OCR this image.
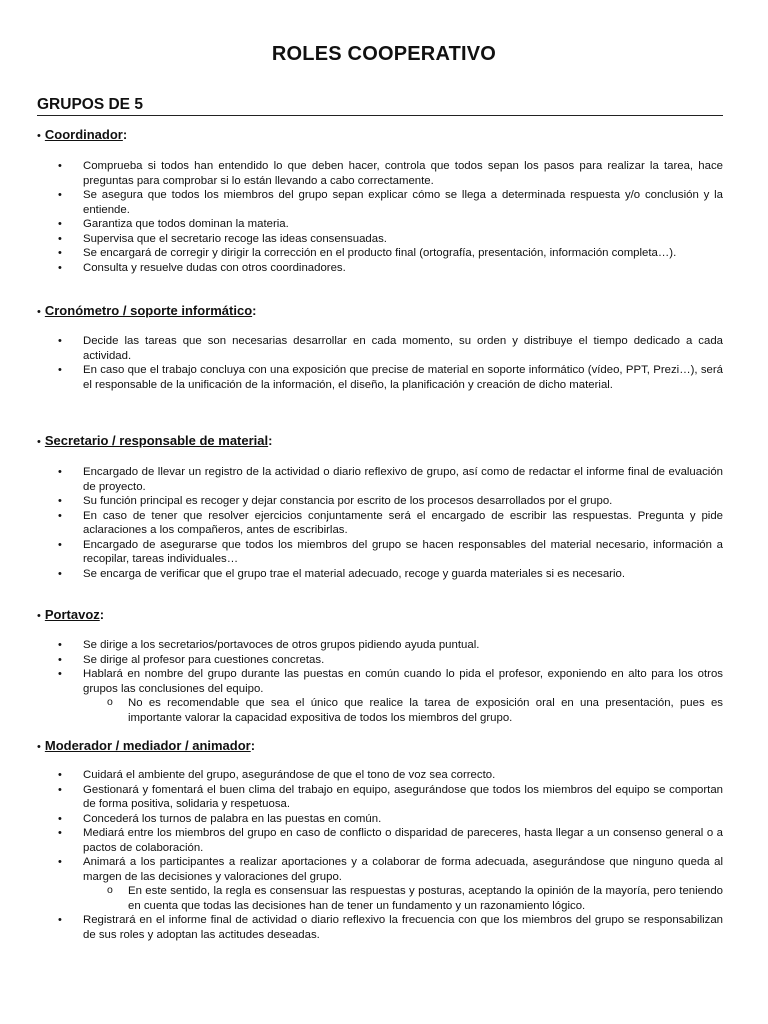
ROLES COOPERATIVO
GRUPOS DE 5
• Coordinador:
• Comprueba si todos han entendido lo que deben hacer, controla que todos sepan los pasos para realizar la tarea, hace preguntas para comprobar si lo están llevando a cabo correctamente.
• Se asegura que todos los miembros del grupo sepan explicar cómo se llega a determinada respuesta y/o conclusión y la entiende.
• Garantiza que todos dominan la materia.
• Supervisa que el secretario recoge las ideas consensuadas.
• Se encargará de corregir y dirigir la corrección en el producto final (ortografía, presentación, información completa…).
• Consulta y resuelve dudas con otros coordinadores.
• Cronómetro / soporte informático:
• Decide las tareas que son necesarias desarrollar en cada momento, su orden y distribuye el tiempo dedicado a cada actividad.
• En caso que el trabajo concluya con una exposición que precise de material en soporte informático (vídeo, PPT, Prezi…), será el responsable de la unificación de la información, el diseño, la planificación y creación de dicho material.
• Secretario / responsable de material:
• Encargado de llevar un registro de la actividad o diario reflexivo de grupo, así como de redactar el informe final de evaluación de proyecto.
• Su función principal es recoger y dejar constancia por escrito de los procesos desarrollados por el grupo.
• En caso de tener que resolver ejercicios conjuntamente será el encargado de escribir las respuestas. Pregunta y pide aclaraciones a los compañeros, antes de escribirlas.
• Encargado de asegurarse que todos los miembros del grupo se hacen responsables del material necesario, información a recopilar, tareas individuales…
• Se encarga de verificar que el grupo trae el material adecuado, recoge y guarda materiales si es necesario.
• Portavoz:
• Se dirige a los secretarios/portavoces de otros grupos pidiendo ayuda puntual.
• Se dirige al profesor para cuestiones concretas.
• Hablará en nombre del grupo durante las puestas en común cuando lo pida el profesor, exponiendo en alto para los otros grupos las conclusiones del equipo.
o No es recomendable que sea el único que realice la tarea de exposición oral en una presentación, pues es importante valorar la capacidad expositiva de todos los miembros del grupo.
• Moderador / mediador / animador:
• Cuidará el ambiente del grupo, asegurándose de que el tono de voz sea correcto.
• Gestionará y fomentará el buen clima del trabajo en equipo, asegurándose que todos los miembros del equipo se comportan de forma positiva, solidaria y respetuosa.
• Concederá los turnos de palabra en las puestas en común.
• Mediará entre los miembros del grupo en caso de conflicto o disparidad de pareceres, hasta llegar a un consenso general o a pactos de colaboración.
• Animará a los participantes a realizar aportaciones y a colaborar de forma adecuada, asegurándose que ninguno queda al margen de las decisiones y valoraciones del grupo.
o En este sentido, la regla es consensuar las respuestas y posturas, aceptando la opinión de la mayoría, pero teniendo en cuenta que todas las decisiones han de tener un fundamento y un razonamiento lógico.
• Registrará en el informe final de actividad o diario reflexivo la frecuencia con que los miembros del grupo se responsabilizan de sus roles y adoptan las actitudes deseadas.
